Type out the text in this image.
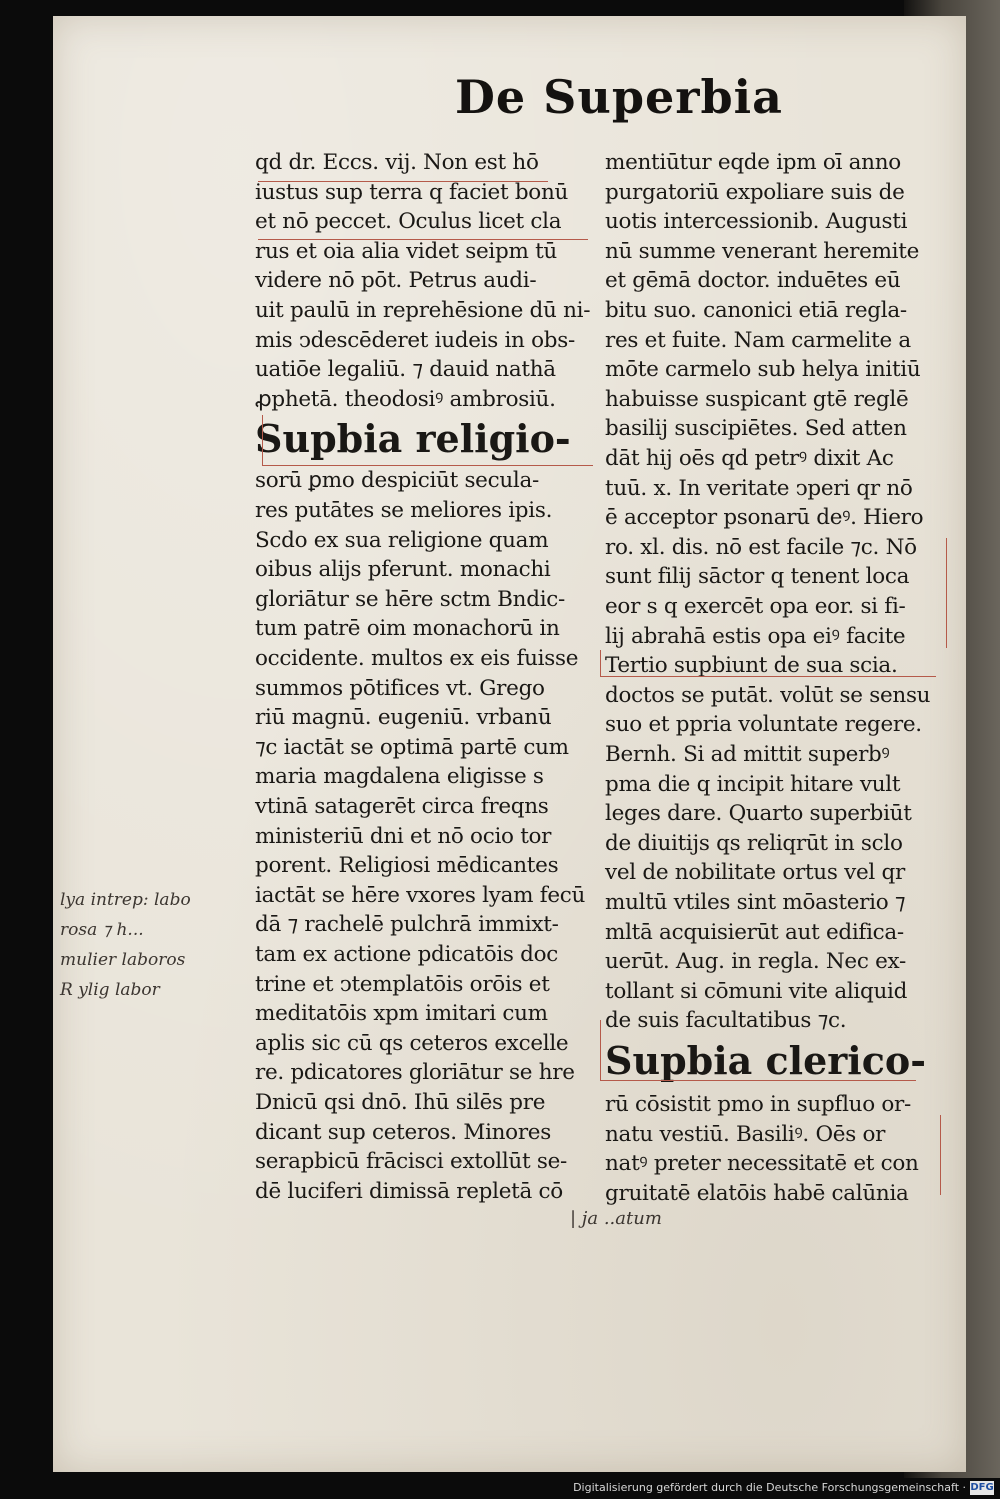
De Superbia
qd dr. Eccs. vij. Non est hō
iustus sup terra q faciet bonū
et nō peccet. Oculus licet cla
rus et oia alia videt seipm tū
videre nō pōt. Petrus audi-
uit paulū in reprehēsione dū ni-
mis ↄdescēderet iudeis in obs-
uatiōe legaliū. ⁊ dauid nathā
ꝓphetā. theodosiꝰ ambrosiū.
Supbia religio-
sorū ꝑmo despiciūt secula-
res putātes se meliores ipis.
Scdo ex sua religione quam
oibus alijs pferunt. monachi
gloriātur se hēre sctm Bndic-
tum patrē oim monachorū in
occidente. multos ex eis fuisse
summos pōtifices vt. Grego
riū magnū. eugeniū. vrbanū
⁊c iactāt se optimā partē cum
maria magdalena eligisse s
vtinā satagerēt circa freqns
ministeriū dni et nō ocio tor
porent. Religiosi mēdicantes
iactāt se hēre vxores lyam fecū
dā ⁊ rachelē pulchrā immixt-
tam ex actione pdicatōis doc
trine et ↄtemplatōis orōis et
meditatōis xpm imitari cum
aplis sic cū qs ceteros excelle
re. pdicatores gloriātur se hre
Dnicū qsi dnō. Ihū silēs pre
dicant sup ceteros. Minores
serapbicū frācisci extollūt se-
dē luciferi dimissā repletā cō
mentiūtur eqde ipm oī anno
purgatoriū expoliare suis de
uotis intercessionib. Augusti
nū summe venerant heremite
et gēmā doctor. induētes eū
bitu suo. canonici etiā regla-
res et fuite. Nam carmelite a
mōte carmelo sub helya initiū
habuisse suspicant gtē reglē
basilij suscipiētes. Sed atten
dāt hij oēs qd petrꝰ dixit Ac
tuū. x. In veritate ↄperi qr nō
ē acceptor psonarū deꝰ. Hiero
ro. xl. dis. nō est facile ⁊c. Nō
sunt filij sāctor q tenent loca
eor s q exercēt opa eor. si fi-
lij abrahā estis opa eiꝰ facite
Tertio supbiunt de sua scia.
doctos se putāt. volūt se sensu
suo et ppria voluntate regere.
Bernh. Si ad mittit superbꝰ
pma die q incipit hitare vult
leges dare. Quarto superbiūt
de diuitijs qs reliqrūt in sclo
vel de nobilitate ortus vel qr
multū vtiles sint mōasterio ⁊
mltā acquisierūt aut edifica-
uerūt. Aug. in regla. Nec ex-
tollant si cōmuni vite aliquid
de suis facultatibus ⁊c.
Supbia clerico-
rū cōsistit pmo in supfluo or-
natu vestiū. Basiliꝰ. Oēs or
natꝰ preter necessitatē et con
gruitatē elatōis habē calūnia
lya intrep: labo
rosa ⁊ h...
mulier laboros
R ylig labor
| ja ..atum
Digitalisierung gefördert durch die Deutsche Forschungsgemeinschaft · DFG
